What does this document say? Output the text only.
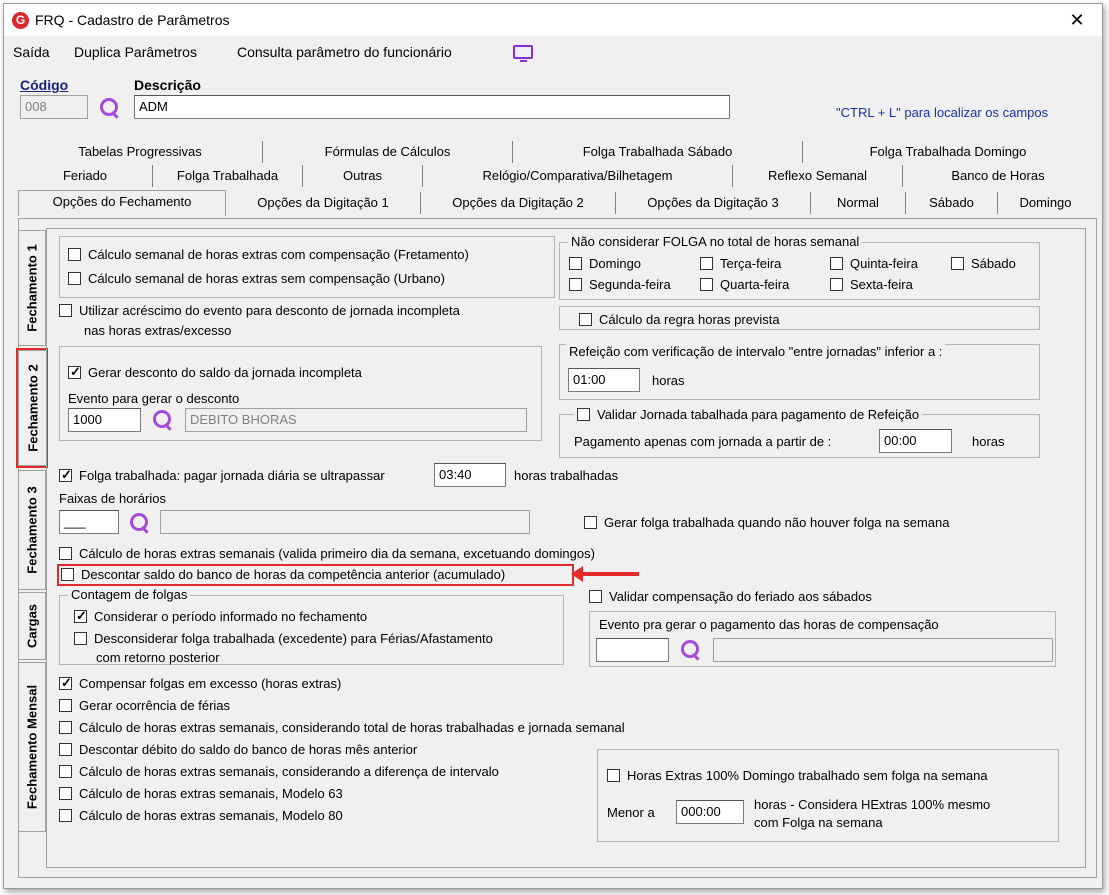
G FRQ - Cadastro de Parâmetros	✕
Saída Duplica Parâmetros	Consulta parâmetro do funcionário
Código	Descrição
008	ADM	"CTRL + L" para localizar os campos
Tabelas Progressivas	Fórmulas de Cálculos	Folga Trabalhada Sábado	Folga Trabalhada Domingo
Feriado	Folga Trabalhada	Outras	Relógio/Comparativa/Bilhetagem	Reflexo Semanal	Banco de Horas
Opções do Fechamento	Opções da Digitação 1	Opções da Digitação 2	Opções da Digitação 3	Normal	Sábado	Domingo
Fechamento 1
Fechamento 2
Fechamento 3
Cargas
Fechamento Mensal
Cálculo semanal de horas extras com compensação (Fretamento)
Cálculo semanal de horas extras sem compensação (Urbano)
Utilizar acréscimo do evento para desconto de jornada incompleta
nas horas extras/excesso
✓Gerar desconto do saldo da jornada incompleta
Evento para gerar o desconto
1000	DEBITO BHORAS
Não considerar FOLGA no total de horas semanal
Domingo	Terça-feira	Quinta-feira	Sábado
Segunda-feira	Quarta-feira	Sexta-feira
Cálculo da regra horas prevista
Refeição com verificação de intervalo "entre jornadas" inferior a :
01:00	horas
Validar Jornada tabalhada para pagamento de Refeição
Pagamento apenas com jornada a partir de :	00:00	horas
✓Folga trabalhada: pagar jornada diária se ultrapassar	03:40	horas trabalhadas
Faixas de horários
___	Gerar folga trabalhada quando não houver folga na semana
Cálculo de horas extras semanais (valida primeiro dia da semana, excetuando domingos)
Descontar saldo do banco de horas da competência anterior (acumulado)
Contagem de folgas
✓Considerar o período informado no fechamento
Desconsiderar folga trabalhada (excedente) para Férias/Afastamento
com retorno posterior
Validar compensação do feriado aos sábados
Evento pra gerar o pagamento das horas de compensação
✓Compensar folgas em excesso (horas extras)
Gerar ocorrência de férias
Cálculo de horas extras semanais, considerando total de horas trabalhadas e jornada semanal
Descontar débito do saldo do banco de horas mês anterior
Cálculo de horas extras semanais, considerando a diferença de intervalo
Cálculo de horas extras semanais, Modelo 63
Cálculo de horas extras semanais, Modelo 80
Horas Extras 100% Domingo trabalhado sem folga na semana
Menor a	000:00	horas - Considera HExtras 100% mesmo
com Folga na semana
